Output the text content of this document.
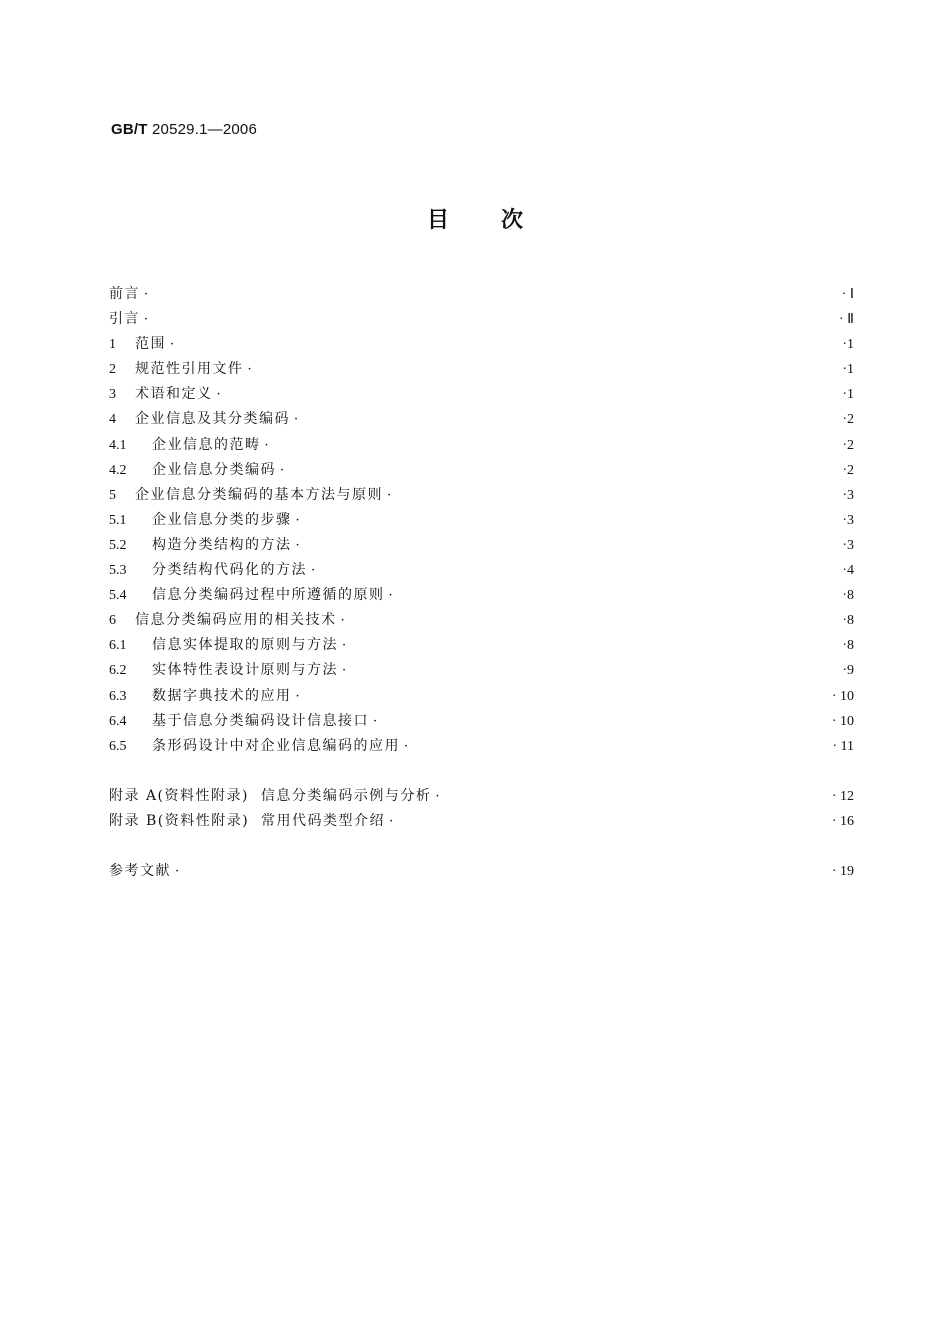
GB/T 20529.1—2006
目次
前言 ·	· Ⅰ
引言 ·	· Ⅱ
1 范围 ·	·1
2 规范性引用文件 ·	·1
3 术语和定义 ·	·1
4 企业信息及其分类编码 ·	·2
4.1 企业信息的范畴 ·	·2
4.2 企业信息分类编码 ·	·2
5 企业信息分类编码的基本方法与原则 ·	·3
5.1 企业信息分类的步骤 ·	·3
5.2 构造分类结构的方法 ·	·3
5.3 分类结构代码化的方法 ·	·4
5.4 信息分类编码过程中所遵循的原则 ·	·8
6 信息分类编码应用的相关技术 ·	·8
6.1 信息实体提取的原则与方法 ·	·8
6.2 实体特性表设计原则与方法 ·	·9
6.3 数据字典技术的应用 ·	· 10
6.4 基于信息分类编码设计信息接口 ·	· 10
6.5 条形码设计中对企业信息编码的应用 ·	· 11
附录 A(资料性附录)  信息分类编码示例与分析 ·	· 12
附录 B(资料性附录)  常用代码类型介绍 ·	· 16
参考文献 ·	· 19
